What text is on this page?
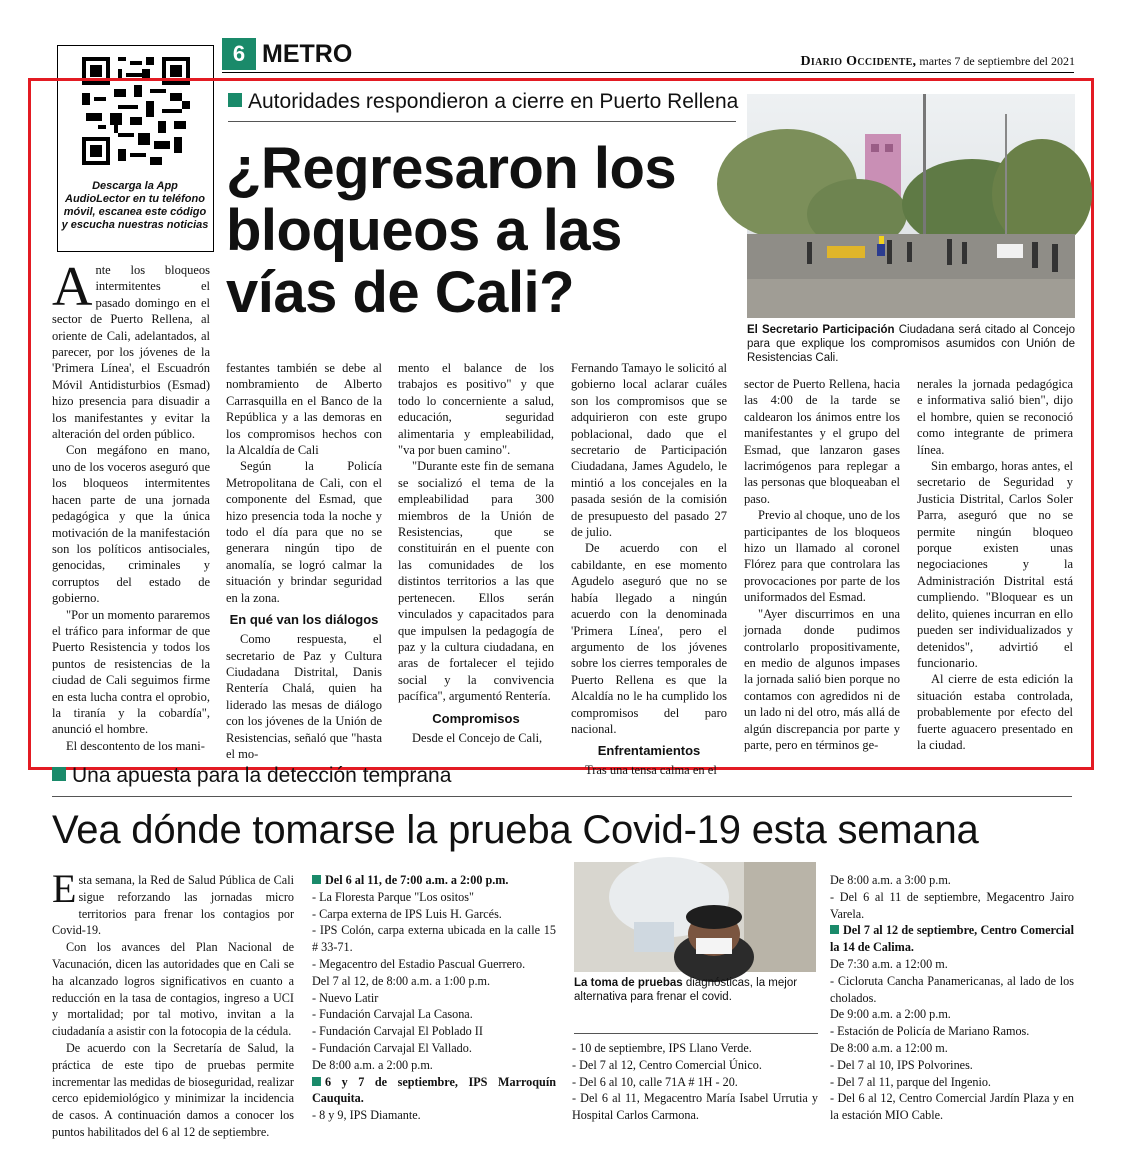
6 METRO	Diario Occidente, martes 7 de septiembre del 2021
Descarga la App AudioLector en tu teléfono móvil, escanea este código y escucha nuestras noticias
Autoridades respondieron a cierre en Puerto Rellena
¿Regresaron los bloqueos a las vías de Cali?
El Secretario Participación Ciudadana será citado al Concejo para que explique los compromisos asumidos con Unión de Resistencias Cali.

Ante los bloqueos intermitentes el pasado domingo en el sector de Puerto Rellena, al oriente de Cali, adelantados, al parecer, por los jóvenes de la 'Primera Línea', el Escuadrón Móvil Antidisturbios (Esmad) hizo presencia para disuadir a los manifestantes y evitar la alteración del orden público.

Con megáfono en mano, uno de los voceros aseguró que los bloqueos intermitentes hacen parte de una jornada pedagógica y que la única motivación de la manifestación son los políticos antisociales, genocidas, criminales y corruptos del estado de gobierno.

"Por un momento pararemos el tráfico para informar de que Puerto Resistencia y todos los puntos de resistencias de la ciudad de Cali seguimos firme en esta lucha contra el oprobio, la tiranía y la cobardía", anunció el hombre.

El descontento de los mani-

festantes también se debe al nombramiento de Alberto Carrasquilla en el Banco de la República y a las demoras en los compromisos hechos con la Alcaldía de Cali

Según la Policía Metropolitana de Cali, con el componente del Esmad, que hizo presencia toda la noche y todo el día para que no se generara ningún tipo de anomalía, se logró calmar la situación y brindar seguridad en la zona.

En qué van los diálogos

Como respuesta, el secretario de Paz y Cultura Ciudadana Distrital, Danis Rentería Chalá, quien ha liderado las mesas de diálogo con los jóvenes de la Unión de Resistencias, señaló que "hasta el mo-

mento el balance de los trabajos es positivo" y que todo lo concerniente a salud, educación, seguridad alimentaria y empleabilidad, "va por buen camino".

"Durante este fin de semana se socializó el tema de la empleabilidad para 300 miembros de la Unión de Resistencias, que se constituirán en el puente con las comunidades de los distintos territorios a las que pertenecen. Ellos serán vinculados y capacitados para que impulsen la pedagogía de paz y la cultura ciudadana, en aras de fortalecer el tejido social y la convivencia pacífica", argumentó Rentería.

Compromisos

Desde el Concejo de Cali,

Fernando Tamayo le solicitó al gobierno local aclarar cuáles son los compromisos que se adquirieron con este grupo poblacional, dado que el secretario de Participación Ciudadana, James Agudelo, le mintió a los concejales en la pasada sesión de la comisión de presupuesto del pasado 27 de julio.

De acuerdo con el cabildante, en ese momento Agudelo aseguró que no se había llegado a ningún acuerdo con la denominada 'Primera Línea', pero el argumento de los jóvenes sobre los cierres temporales de Puerto Rellena es que la Alcaldía no le ha cumplido los compromisos del paro nacional.

Enfrentamientos

Tras una tensa calma en el

sector de Puerto Rellena, hacia las 4:00 de la tarde se caldearon los ánimos entre los manifestantes y el grupo del Esmad, que lanzaron gases lacrimógenos para replegar a las personas que bloqueaban el paso.

Previo al choque, uno de los participantes de los bloqueos hizo un llamado al coronel Flórez para que controlara las provocaciones por parte de los uniformados del Esmad.

"Ayer discurrimos en una jornada donde pudimos controlarlo propositivamente, en medio de algunos impases la jornada salió bien porque no contamos con agredidos ni de un lado ni del otro, más allá de algún discrepancia por parte y parte, pero en términos ge-

nerales la jornada pedagógica e informativa salió bien", dijo el hombre, quien se reconoció como integrante de primera línea.

Sin embargo, horas antes, el secretario de Seguridad y Justicia Distrital, Carlos Soler Parra, aseguró que no se permite ningún bloqueo porque existen unas negociaciones y la Administración Distrital está cumpliendo. "Bloquear es un delito, quienes incurran en ello pueden ser individualizados y detenidos", advirtió el funcionario.

Al cierre de esta edición la situación estaba controlada, probablemente por efecto del fuerte aguacero presentado en la ciudad.

Una apuesta para la detección temprana
Vea dónde tomarse la prueba Covid-19 esta semana

Esta semana, la Red de Salud Pública de Cali sigue reforzando las jornadas micro territorios para frenar los contagios por Covid-19.

Con los avances del Plan Nacional de Vacunación, dicen las autoridades que en Cali se ha alcanzado logros significativos en cuanto a reducción en la tasa de contagios, ingreso a UCI y mortalidad; por tal motivo, invitan a la ciudadanía a asistir con la fotocopia de la cédula.

De acuerdo con la Secretaría de Salud, la práctica de este tipo de pruebas permite incrementar las medidas de bioseguridad, realizar cerco epidemiológico y minimizar la incidencia de casos. A continuación damos a conocer los puntos habilitados del 6 al 12 de septiembre.

Del 6 al 11, de 7:00 a.m. a 2:00 p.m.
- La Floresta Parque "Los ositos"
- Carpa externa de IPS Luis H. Garcés.
- IPS Colón, carpa externa ubicada en la calle 15 # 33-71.
- Megacentro del Estadio Pascual Guerrero.
Del 7 al 12, de 8:00 a.m. a 1:00 p.m.
- Nuevo Latir
- Fundación Carvajal La Casona.
- Fundación Carvajal El Poblado II
- Fundación Carvajal El Vallado.
De 8:00 a.m. a 2:00 p.m.
6 y 7 de septiembre, IPS Marroquín Cauquita.
- 8 y 9, IPS Diamante.
La toma de pruebas diagnósticas, la mejor alternativa para frenar el covid.
- 10 de septiembre, IPS Llano Verde.
- Del 7 al 12, Centro Comercial Único.
- Del 6 al 10, calle 71A # 1H - 20.
- Del 6 al 11, Megacentro María Isabel Urrutia y Hospital Carlos Carmona.
De 8:00 a.m. a 3:00 p.m.
- Del 6 al 11 de septiembre, Megacentro Jairo Varela.
Del 7 al 12 de septiembre, Centro Comercial la 14 de Calima.
De 7:30 a.m. a 12:00 m.
- Cicloruta Cancha Panamericanas, al lado de los cholados.
De 9:00 a.m. a 2:00 p.m.
- Estación de Policía de Mariano Ramos.
De 8:00 a.m. a 12:00 m.
- Del 7 al 10, IPS Polvorines.
- Del 7 al 11, parque del Ingenio.
- Del 6 al 12, Centro Comercial Jardín Plaza y en la estación MIO Cable.
